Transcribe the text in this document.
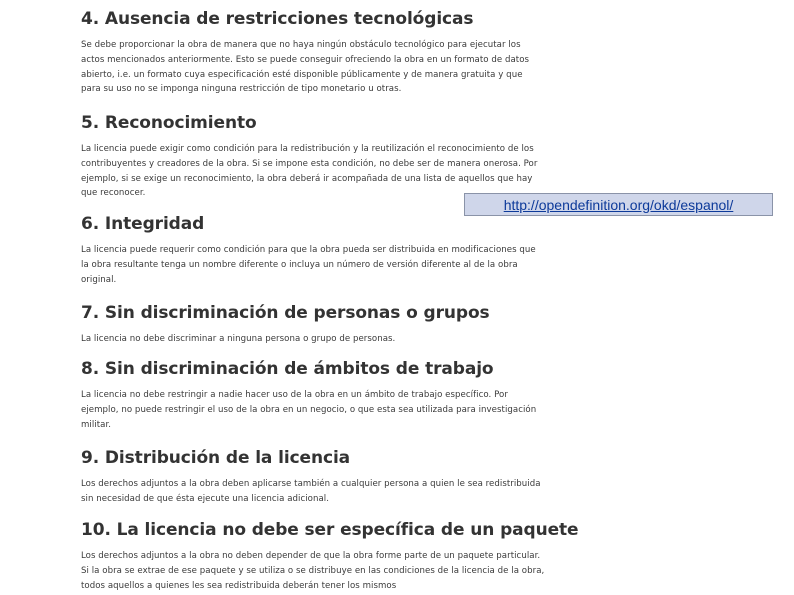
4. Ausencia de restricciones tecnológicas

Se debe proporcionar la obra de manera que no haya ningún obstáculo tecnológico para ejecutar los actos mencionados anteriormente. Esto se puede conseguir ofreciendo la obra en un formato de datos abierto, i.e. un formato cuya especificación esté disponible públicamente y de manera gratuita y que para su uso no se imponga ninguna restricción de tipo monetario u otras.

5. Reconocimiento

La licencia puede exigir como condición para la redistribución y la reutilización el reconocimiento de los contribuyentes y creadores de la obra. Si se impone esta condición, no debe ser de manera onerosa. Por ejemplo, si se exige un reconocimiento, la obra deberá ir acompañada de una lista de aquellos que hay que reconocer.

6. Integridad

La licencia puede requerir como condición para que la obra pueda ser distribuida en modificaciones que la obra resultante tenga un nombre diferente o incluya un número de versión diferente al de la obra original.

7. Sin discriminación de personas o grupos

La licencia no debe discriminar a ninguna persona o grupo de personas.

8. Sin discriminación de ámbitos de trabajo

La licencia no debe restringir a nadie hacer uso de la obra en un ámbito de trabajo específico. Por ejemplo, no puede restringir el uso de la obra en un negocio, o que esta sea utilizada para investigación militar.

9. Distribución de la licencia

Los derechos adjuntos a la obra deben aplicarse también a cualquier persona a quien le sea redistribuida sin necesidad de que ésta ejecute una licencia adicional.

10. La licencia no debe ser específica de un paquete

Los derechos adjuntos a la obra no deben depender de que la obra forme parte de un paquete particular. Si la obra se extrae de ese paquete y se utiliza o se distribuye en las condiciones de la licencia de la obra, todos aquellos a quienes les sea redistribuida deberán tener los mismos

http://opendefinition.org/okd/espanol/
